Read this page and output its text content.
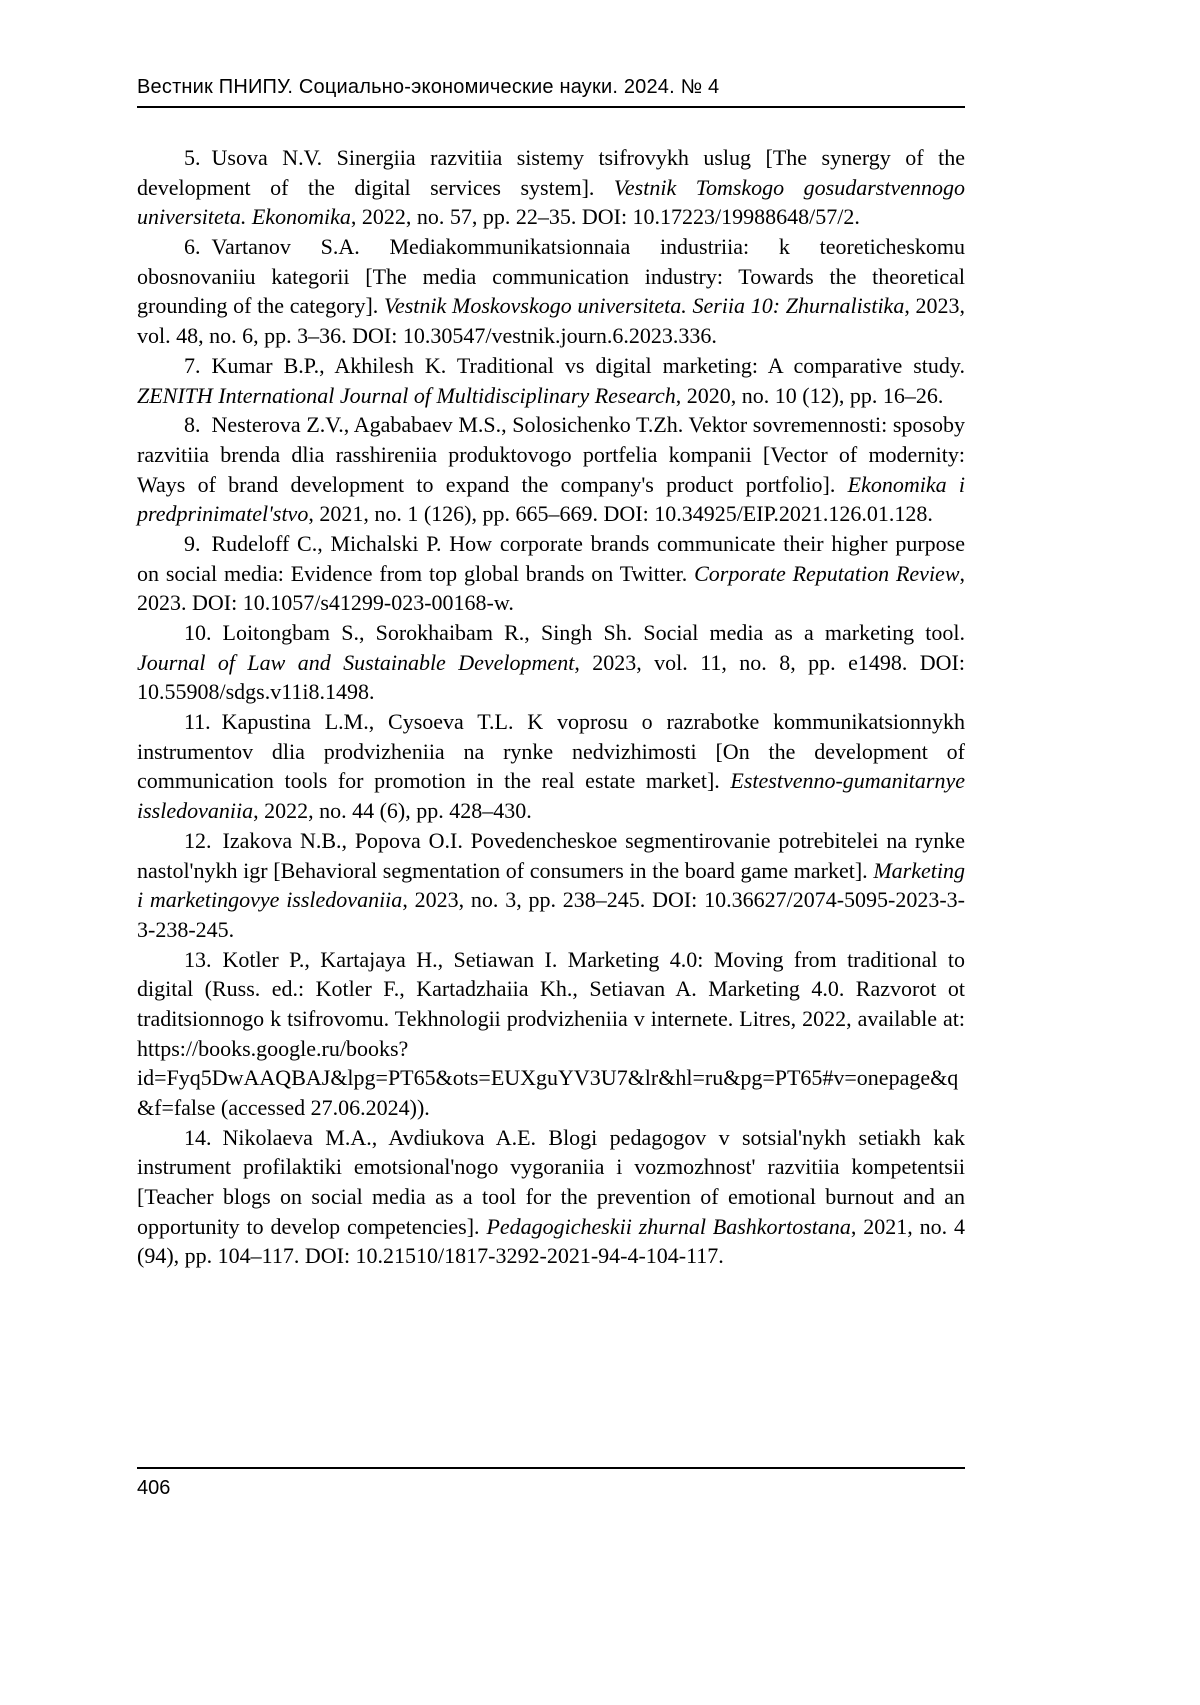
Вестник ПНИПУ. Социально-экономические науки. 2024. № 4

5. Usova N.V. Sinergiia razvitiia sistemy tsifrovykh uslug [The synergy of the development of the digital services system]. Vestnik Tomskogo gosudarstvennogo universiteta. Ekonomika, 2022, no. 57, pp. 22–35. DOI: 10.17223/19988648/57/2.

6. Vartanov S.A. Mediakommunikatsionnaia industriia: k teoreticheskomu obosnovaniiu kategorii [The media communication industry: Towards the theoretical grounding of the category]. Vestnik Moskovskogo universiteta. Seriia 10: Zhurnalistika, 2023, vol. 48, no. 6, pp. 3–36. DOI: 10.30547/vestnik.journ.6.2023.336.

7. Kumar B.P., Akhilesh K. Traditional vs digital marketing: A comparative study. ZENITH International Journal of Multidisciplinary Research, 2020, no. 10 (12), pp. 16–26.

8. Nesterova Z.V., Agababaev M.S., Solosichenko T.Zh. Vektor sovremennosti: sposoby razvitiia brenda dlia rasshireniia produktovogo portfelia kompanii [Vector of modernity: Ways of brand development to expand the company's product portfolio]. Ekonomika i predprinimatel'stvo, 2021, no. 1 (126), pp. 665–669. DOI: 10.34925/EIP.2021.126.01.128.

9. Rudeloff C., Michalski P. How corporate brands communicate their higher purpose on social media: Evidence from top global brands on Twitter. Corporate Reputation Review, 2023. DOI: 10.1057/s41299-023-00168-w.

10. Loitongbam S., Sorokhaibam R., Singh Sh. Social media as a marketing tool. Journal of Law and Sustainable Development, 2023, vol. 11, no. 8, pp. e1498. DOI: 10.55908/sdgs.v11i8.1498.

11. Kapustina L.M., Cysoeva T.L. K voprosu o razrabotke kommunikatsionnykh instrumentov dlia prodvizheniia na rynke nedvizhimosti [On the development of communication tools for promotion in the real estate market]. Estestvenno-gumanitarnye issledovaniia, 2022, no. 44 (6), pp. 428–430.

12. Izakova N.B., Popova O.I. Povedencheskoe segmentirovanie potrebitelei na rynke nastol'nykh igr [Behavioral segmentation of consumers in the board game market]. Marketing i marketingovye issledovaniia, 2023, no. 3, pp. 238–245. DOI: 10.36627/2074-5095-2023-3-3-238-245.

13. Kotler P., Kartajaya H., Setiawan I. Marketing 4.0: Moving from traditional to digital (Russ. ed.: Kotler F., Kartadzhaiia Kh., Setiavan A. Marketing 4.0. Razvorot ot traditsionnogo k tsifrovomu. Tekhnologii prodvizheniia v internete. Litres, 2022, available at: https://books.google.ru/books?id=Fyq5DwAAQBAJ&lpg=PT65&ots=EUXguYV3U7&lr&hl=ru&pg=PT65#v=onepage&q&f=false (accessed 27.06.2024)).

14. Nikolaeva M.A., Avdiukova A.E. Blogi pedagogov v sotsial'nykh setiakh kak instrument profilaktiki emotsional'nogo vygoraniia i vozmozhnost' razvitiia kompetentsii [Teacher blogs on social media as a tool for the prevention of emotional burnout and an opportunity to develop competencies]. Pedagogicheskii zhurnal Bashkortostana, 2021, no. 4 (94), pp. 104–117. DOI: 10.21510/1817-3292-2021-94-4-104-117.

406
